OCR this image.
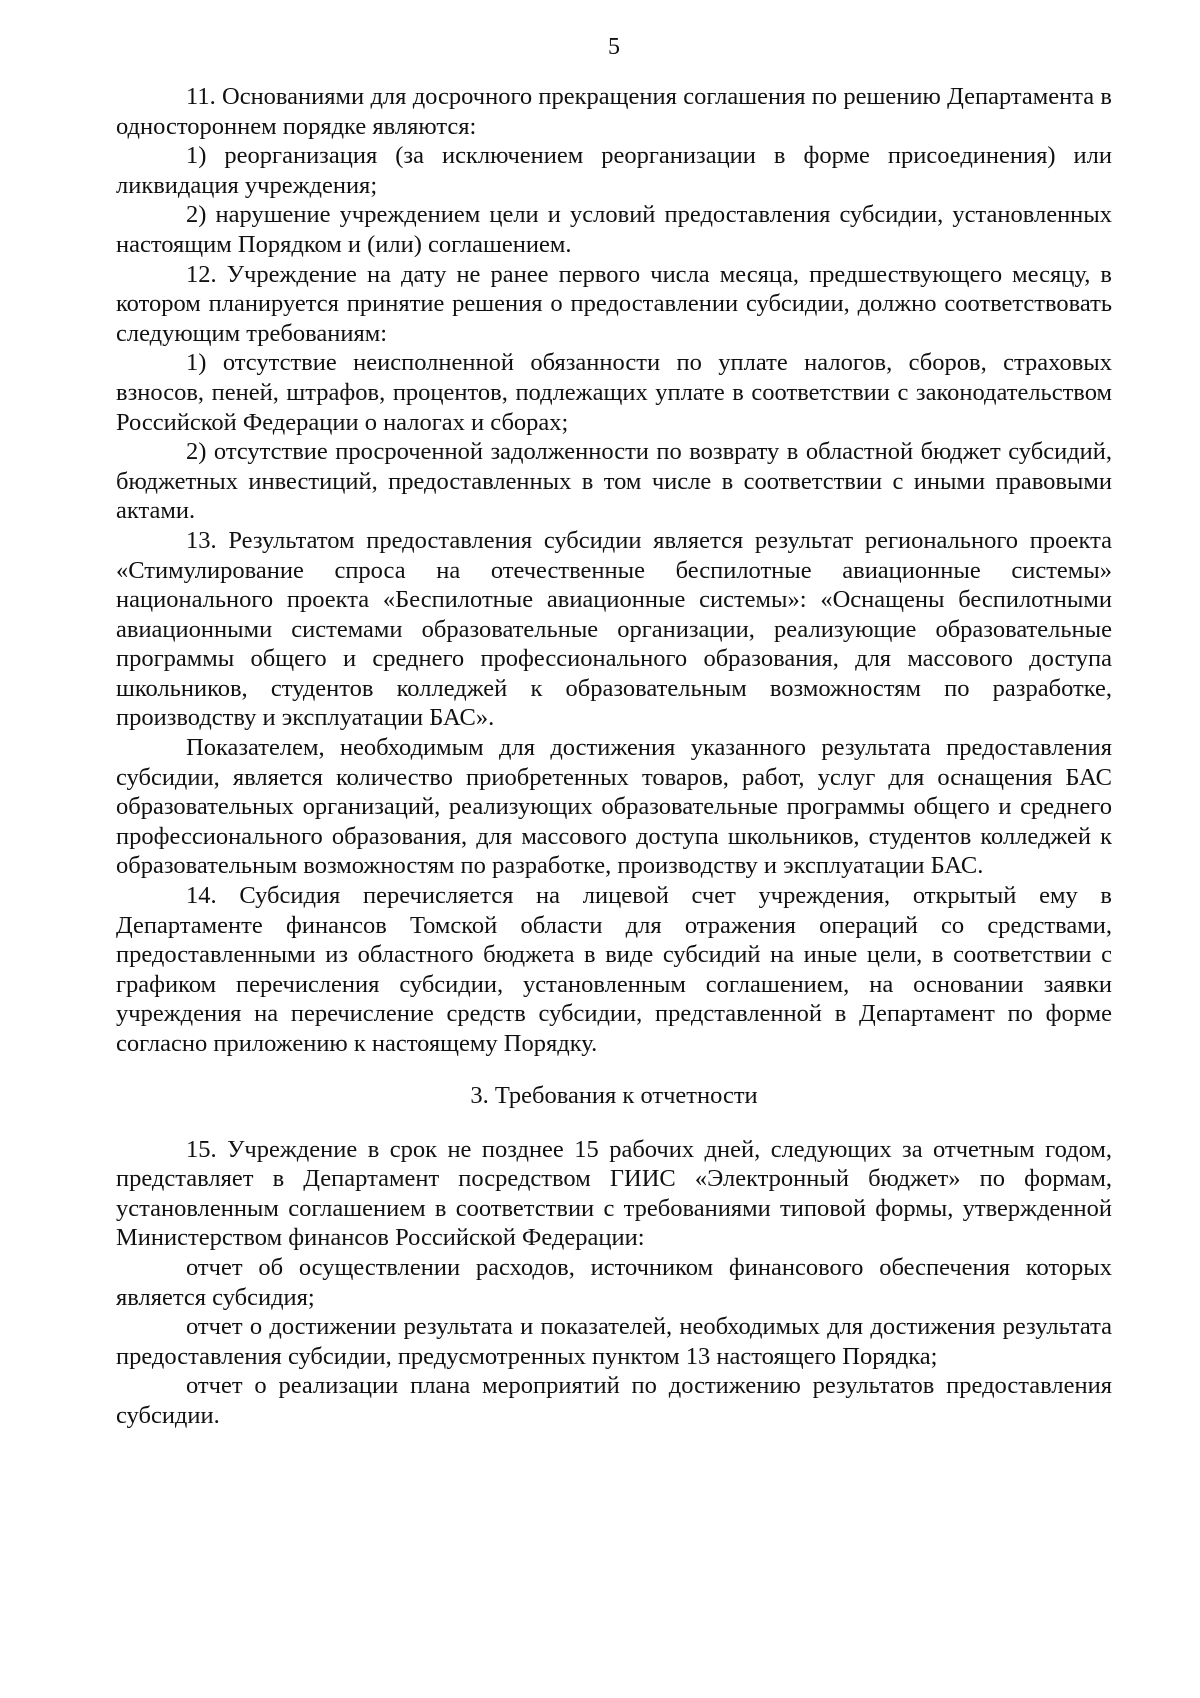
5

11. Основаниями для досрочного прекращения соглашения по решению Департамента в одностороннем порядке являются:

1) реорганизация (за исключением реорганизации в форме присоединения) или ликвидация учреждения;

2) нарушение учреждением цели и условий предоставления субсидии, установленных настоящим Порядком и (или) соглашением.

12. Учреждение на дату не ранее первого числа месяца, предшествующего месяцу, в котором планируется принятие решения о предоставлении субсидии, должно соответствовать следующим требованиям:

1) отсутствие неисполненной обязанности по уплате налогов, сборов, страховых взносов, пеней, штрафов, процентов, подлежащих уплате в соответствии с законодательством Российской Федерации о налогах и сборах;

2) отсутствие просроченной задолженности по возврату в областной бюджет субсидий, бюджетных инвестиций, предоставленных в том числе в соответствии с иными правовыми актами.

13. Результатом предоставления субсидии является результат регионального проекта «Стимулирование спроса на отечественные беспилотные авиационные системы» национального проекта «Беспилотные авиационные системы»: «Оснащены беспилотными авиационными системами образовательные организации, реализующие образовательные программы общего и среднего профессионального образования, для массового доступа школьников, студентов колледжей к образовательным возможностям по разработке, производству и эксплуатации БАС».

Показателем, необходимым для достижения указанного результата предоставления субсидии, является количество приобретенных товаров, работ, услуг для оснащения БАС образовательных организаций, реализующих образовательные программы общего и среднего профессионального образования, для массового доступа школьников, студентов колледжей к образовательным возможностям по разработке, производству и эксплуатации БАС.

14. Субсидия перечисляется на лицевой счет учреждения, открытый ему в Департаменте финансов Томской области для отражения операций со средствами, предоставленными из областного бюджета в виде субсидий на иные цели, в соответствии с графиком перечисления субсидии, установленным соглашением, на основании заявки учреждения на перечисление средств субсидии, представленной в Департамент по форме согласно приложению к настоящему Порядку.

3. Требования к отчетности

15. Учреждение в срок не позднее 15 рабочих дней, следующих за отчетным годом, представляет в Департамент посредством ГИИС «Электронный бюджет» по формам, установленным соглашением в соответствии с требованиями типовой формы, утвержденной Министерством финансов Российской Федерации:

отчет об осуществлении расходов, источником финансового обеспечения которых является субсидия;

отчет о достижении результата и показателей, необходимых для достижения результата предоставления субсидии, предусмотренных пунктом 13 настоящего Порядка;

отчет о реализации плана мероприятий по достижению результатов предоставления субсидии.
